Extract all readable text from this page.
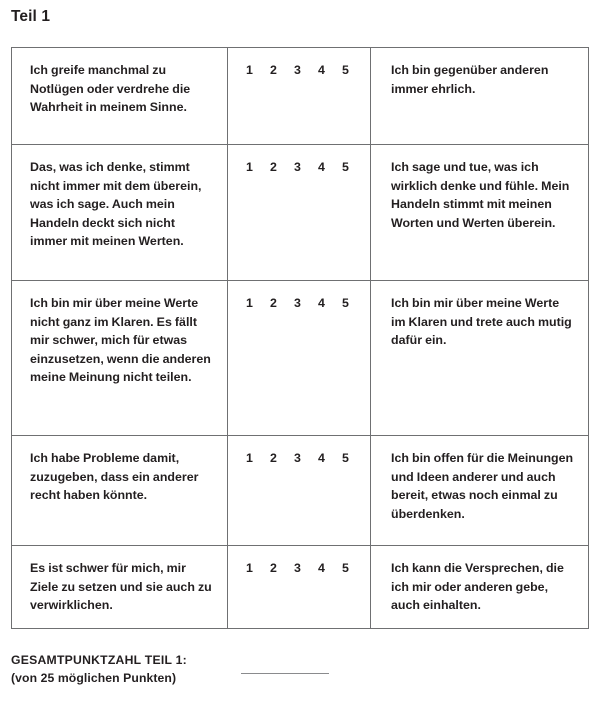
Teil 1
Ich greife manchmal zu Notlügen oder verdrehe die Wahrheit in meinem Sinne.	1 2 3 4 5	Ich bin gegenüber anderen immer ehrlich.

Das, was ich denke, stimmt nicht immer mit dem überein, was ich sage. Auch mein Handeln deckt sich nicht immer mit meinen Werten.	1 2 3 4 5	Ich sage und tue, was ich wirklich denke und fühle. Mein Handeln stimmt mit meinen Worten und Werten überein.

Ich bin mir über meine Werte nicht ganz im Klaren. Es fällt mir schwer, mich für etwas einzusetzen, wenn die anderen meine Meinung nicht teilen.	1 2 3 4 5	Ich bin mir über meine Werte im Klaren und trete auch mutig dafür ein.

Ich habe Probleme damit, zuzugeben, dass ein anderer recht haben könnte.	1 2 3 4 5	Ich bin offen für die Meinungen und Ideen anderer und auch bereit, etwas noch einmal zu überdenken.

Es ist schwer für mich, mir Ziele zu setzen und sie auch zu verwirklichen.	1 2 3 4 5	Ich kann die Versprechen, die ich mir oder anderen gebe, auch einhalten.
GESAMTPUNKTZAHL TEIL 1:
(von 25 möglichen Punkten)
